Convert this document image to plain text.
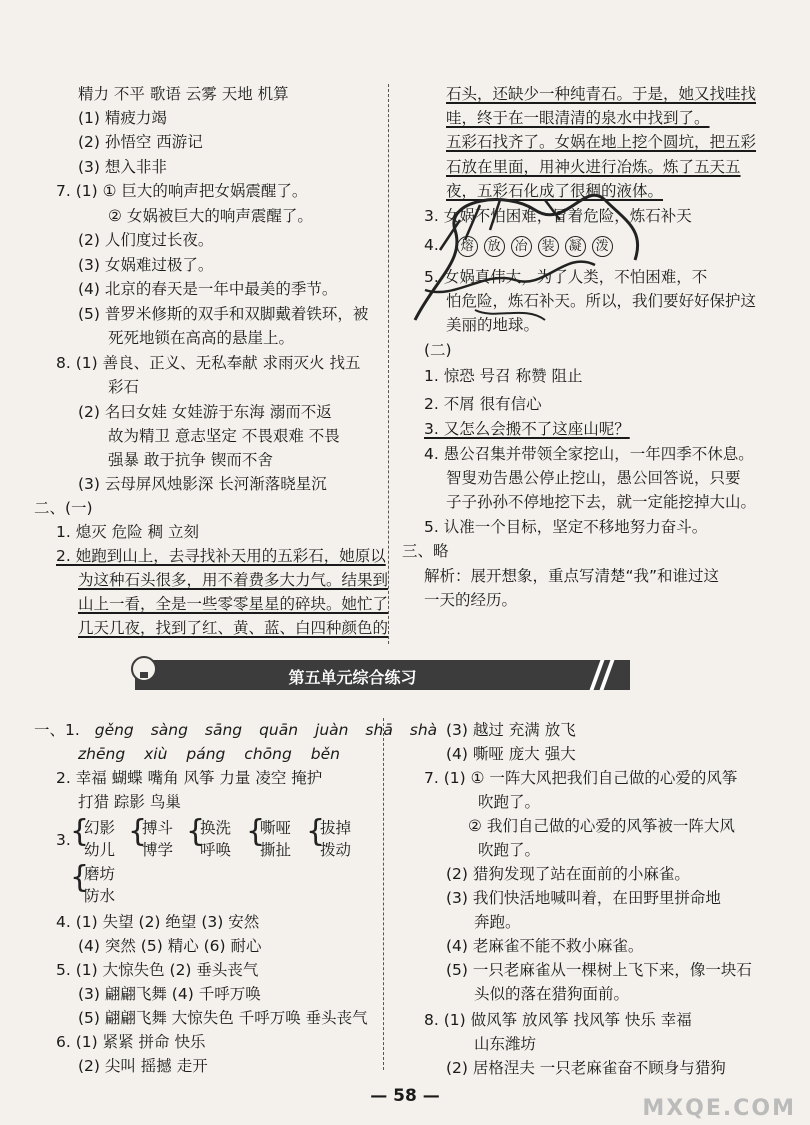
精力 不平 歌语 云雾 天地 机算
(1) 精疲力竭
(2) 孙悟空 西游记
(3) 想入非非
7. (1) ① 巨大的响声把女娲震醒了。
② 女娲被巨大的响声震醒了。
(2) 人们度过长夜。
(3) 女娲难过极了。
(4) 北京的春天是一年中最美的季节。
(5) 普罗米修斯的双手和双脚戴着铁环，被
死死地锁在高高的悬崖上。
8. (1) 善良、正义、无私奉献 求雨灭火 找五
彩石
(2) 名曰女娃 女娃游于东海 溺而不返
故为精卫 意志坚定 不畏艰难 不畏
强暴 敢于抗争 锲而不舍
(3) 云母屏风烛影深 长河渐落晓星沉
二、(一)
1. 熄灭 危险 稠 立刻
2. 她跑到山上，去寻找补天用的五彩石，她原以
为这种石头很多，用不着费多大力气。结果到
山上一看，全是一些零零星星的碎块。她忙了
几天几夜，找到了红、黄、蓝、白四种颜色的
石头，还缺少一种纯青石。于是，她又找哇找
哇，终于在一眼清清的泉水中找到了。
五彩石找齐了。女娲在地上挖个圆坑，把五彩
石放在里面，用神火进行冶炼。炼了五天五
夜，五彩石化成了很稠的液体。
3. 女娲不怕困难，冒着危险，炼石补天
4. 熔 放 冶 装 凝 泼
5. 女娲真伟大，为了人类，不怕困难，不
怕危险，炼石补天。所以，我们要好好保护这
美丽的地球。
(二)
1. 惊恐 号召 称赞 阻止
2. 不屑 很有信心
3. 又怎么会搬不了这座山呢？
4. 愚公召集并带领全家挖山，一年四季不休息。
智叟劝告愚公停止挖山，愚公回答说，只要
子子孙孙不停地挖下去，就一定能挖掉大山。
5. 认准一个目标，坚定不移地努力奋斗。
三、略
解析：展开想象，重点写清楚“我”和谁过这
一天的经历。
第五单元综合练习
一、1. gěng sàng sāng quān juàn shā shà
zhēng xiù páng chōng běn
2. 幸福 蝴蝶 嘴角 风筝 力量 凌空 掩护
打猎 踪影 鸟巢
3. {
幻影
幼儿
{
搏斗
博学
{
换洗
呼唤
{
嘶哑
撕扯
{
拔掉
拨动
{
磨坊
防水
4. (1) 失望 (2) 绝望 (3) 安然
(4) 突然 (5) 精心 (6) 耐心
5. (1) 大惊失色 (2) 垂头丧气
(3) 翩翩飞舞 (4) 千呼万唤
(5) 翩翩飞舞 大惊失色 千呼万唤 垂头丧气
6. (1) 紧紧 拼命 快乐
(2) 尖叫 摇撼 走开
(3) 越过 充满 放飞
(4) 嘶哑 庞大 强大
7. (1) ① 一阵大风把我们自己做的心爱的风筝
吹跑了。
② 我们自己做的心爱的风筝被一阵大风
吹跑了。
(2) 猎狗发现了站在面前的小麻雀。
(3) 我们快活地喊叫着，在田野里拼命地
奔跑。
(4) 老麻雀不能不救小麻雀。
(5) 一只老麻雀从一棵树上飞下来，像一块石
头似的落在猎狗面前。
8. (1) 做风筝 放风筝 找风筝 快乐 幸福
山东潍坊
(2) 居格涅夫 一只老麻雀奋不顾身与猎狗
— 58 —	MXQE.COM
